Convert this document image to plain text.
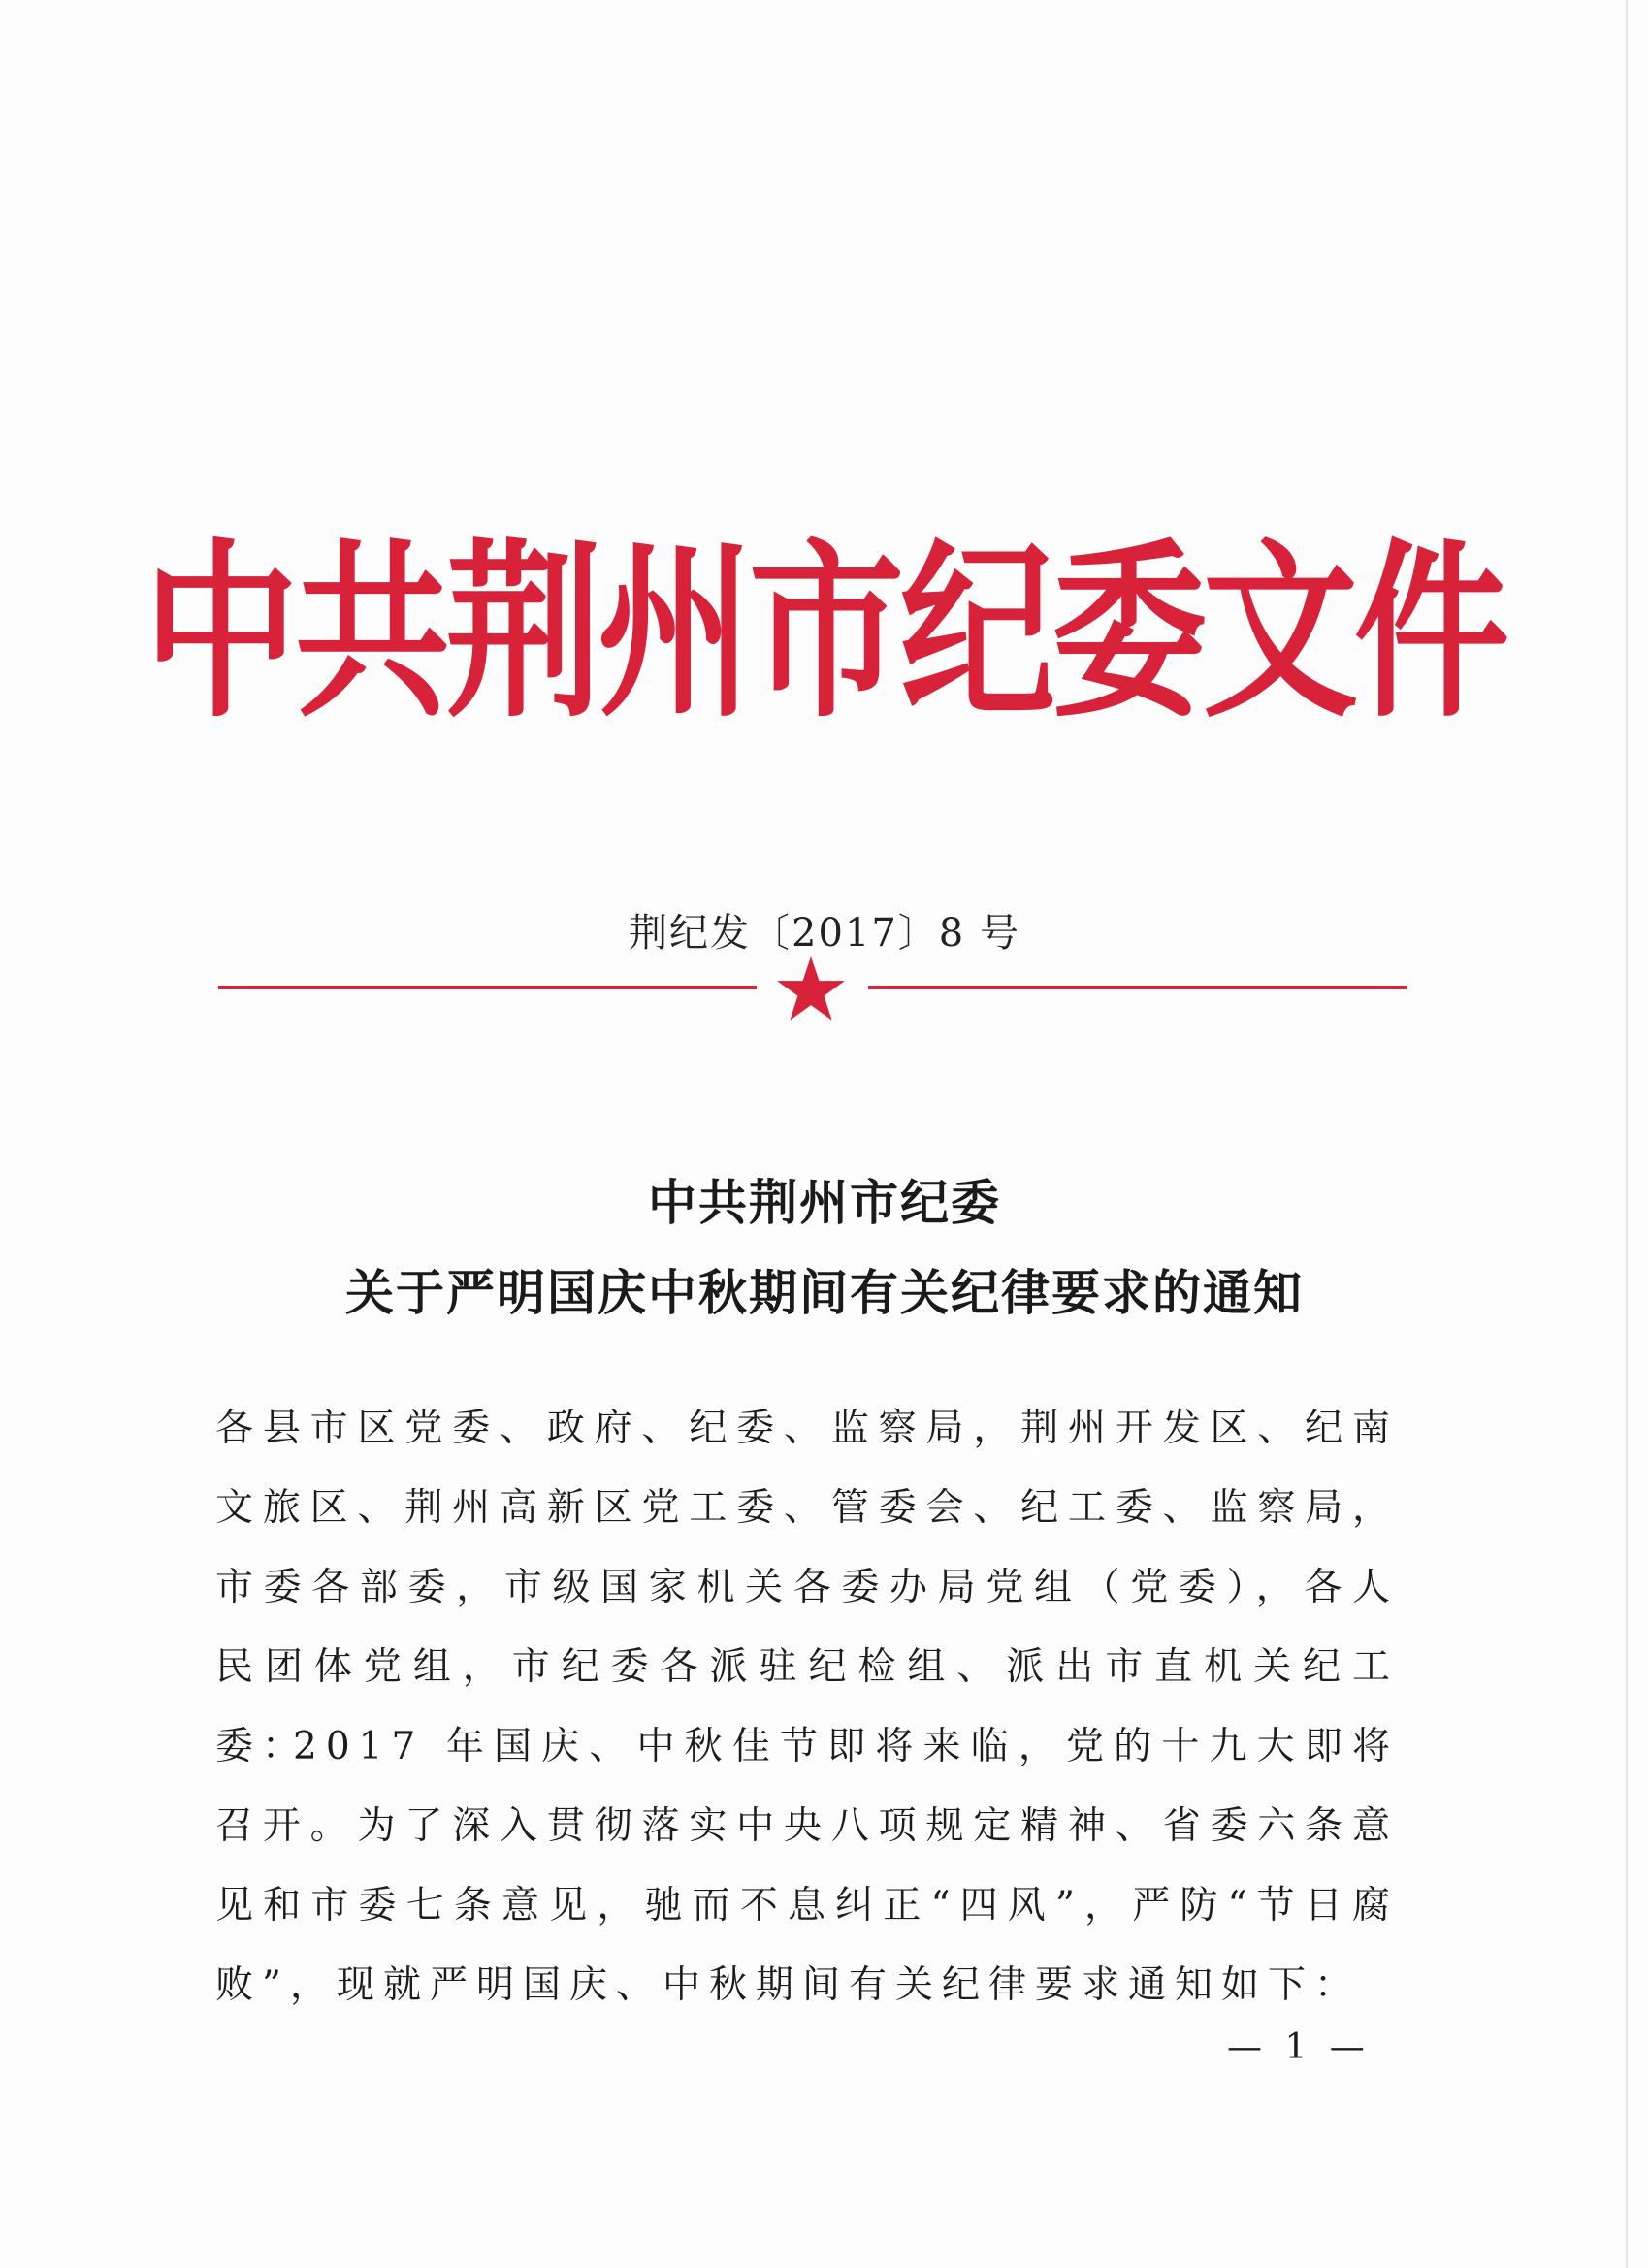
中共荆州市纪委文件
荆纪发〔2017〕8 号
中共荆州市纪委
关于严明国庆中秋期间有关纪律要求的通知
各县市区党委、政府、纪委、监察局，荆州开发区、纪南文旅区、荆州高新区党工委、管委会、纪工委、监察局，市委各部委，市级国家机关各委办局党组（党委），各人民团体党组，市纪委各派驻纪检组、派出市直机关纪工委：
2017 年国庆、中秋佳节即将来临，党的十九大即将召开。为了深入贯彻落实中央八项规定精神、省委六条意见和市委七条意见，驰而不息纠正“四风”，严防“节日腐败”，现就严明国庆、中秋期间有关纪律要求通知如下：
— 1 —
